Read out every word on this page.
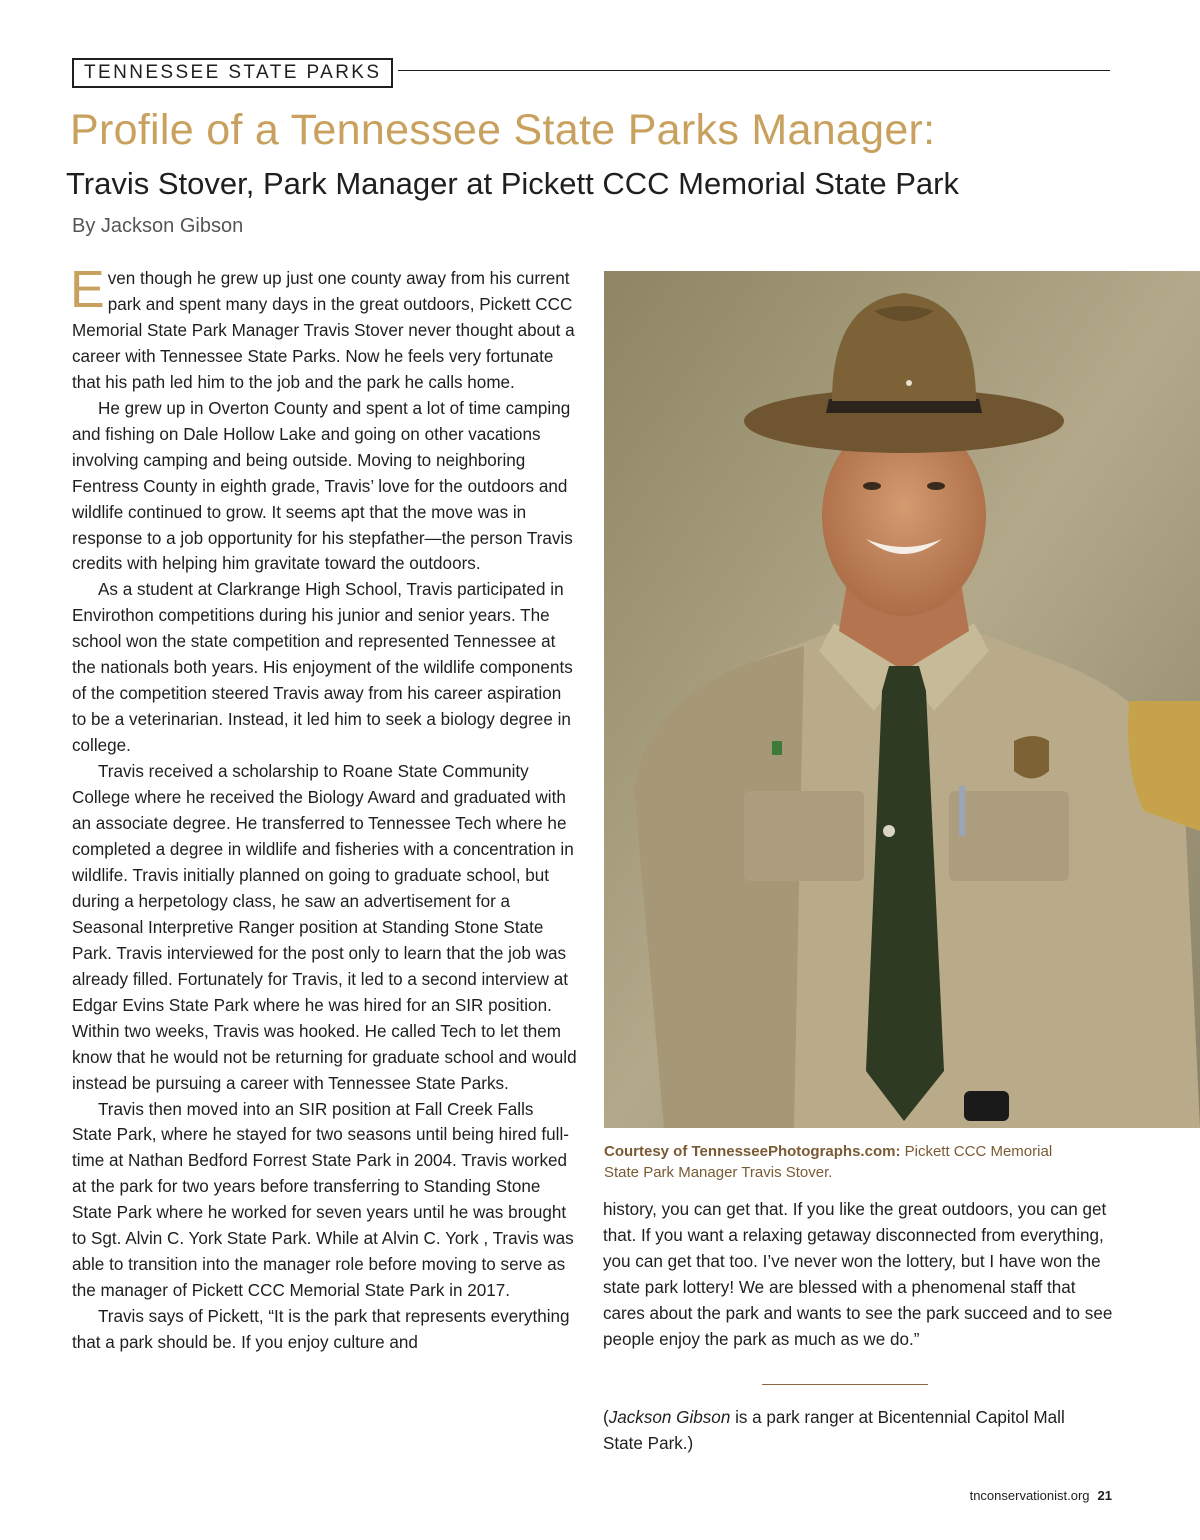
TENNESSEE STATE PARKS
Profile of a Tennessee State Parks Manager:
Travis Stover, Park Manager at Pickett CCC Memorial State Park
By Jackson Gibson

Even though he grew up just one county away from his current park and spent many days in the great outdoors, Pickett CCC Memorial State Park Manager Travis Stover never thought about a career with Tennessee State Parks. Now he feels very fortunate that his path led him to the job and the park he calls home.

He grew up in Overton County and spent a lot of time camping and fishing on Dale Hollow Lake and going on other vacations involving camping and being outside. Moving to neighboring Fentress County in eighth grade, Travis’ love for the outdoors and wildlife continued to grow. It seems apt that the move was in response to a job opportunity for his stepfather—the person Travis credits with helping him gravitate toward the outdoors.

As a student at Clarkrange High School, Travis participated in Envirothon competitions during his junior and senior years. The school won the state competition and represented Tennessee at the nationals both years. His enjoyment of the wildlife components of the competition steered Travis away from his career aspiration to be a veterinarian. Instead, it led him to seek a biology degree in college.

Travis received a scholarship to Roane State Community College where he received the Biology Award and graduated with an associate degree. He transferred to Tennessee Tech where he completed a degree in wildlife and fisheries with a concentration in wildlife. Travis initially planned on going to graduate school, but during a herpetology class, he saw an advertisement for a Seasonal Interpretive Ranger position at Standing Stone State Park. Travis interviewed for the post only to learn that the job was already filled. Fortunately for Travis, it led to a second interview at Edgar Evins State Park where he was hired for an SIR position. Within two weeks, Travis was hooked. He called Tech to let them know that he would not be returning for graduate school and would instead be pursuing a career with Tennessee State Parks.

Travis then moved into an SIR position at Fall Creek Falls State Park, where he stayed for two seasons until being hired full-time at Nathan Bedford Forrest State Park in 2004. Travis worked at the park for two years before transferring to Standing Stone State Park where he worked for seven years until he was brought to Sgt. Alvin C. York State Park. While at Alvin C. York , Travis was able to transition into the manager role before moving to serve as the manager of Pickett CCC Memorial State Park in 2017.

Travis says of Pickett, “It is the park that represents everything that a park should be. If you enjoy culture and

Courtesy of TennesseePhotographs.com: Pickett CCC Memorial State Park Manager Travis Stover.

history, you can get that. If you like the great outdoors, you can get that. If you want a relaxing getaway disconnected from everything, you can get that too. I’ve never won the lottery, but I have won the state park lottery! We are blessed with a phenomenal staff that cares about the park and wants to see the park succeed and to see people enjoy the park as much as we do.”

(Jackson Gibson is a park ranger at Bicentennial Capitol Mall State Park.)

tnconservationist.org 21
